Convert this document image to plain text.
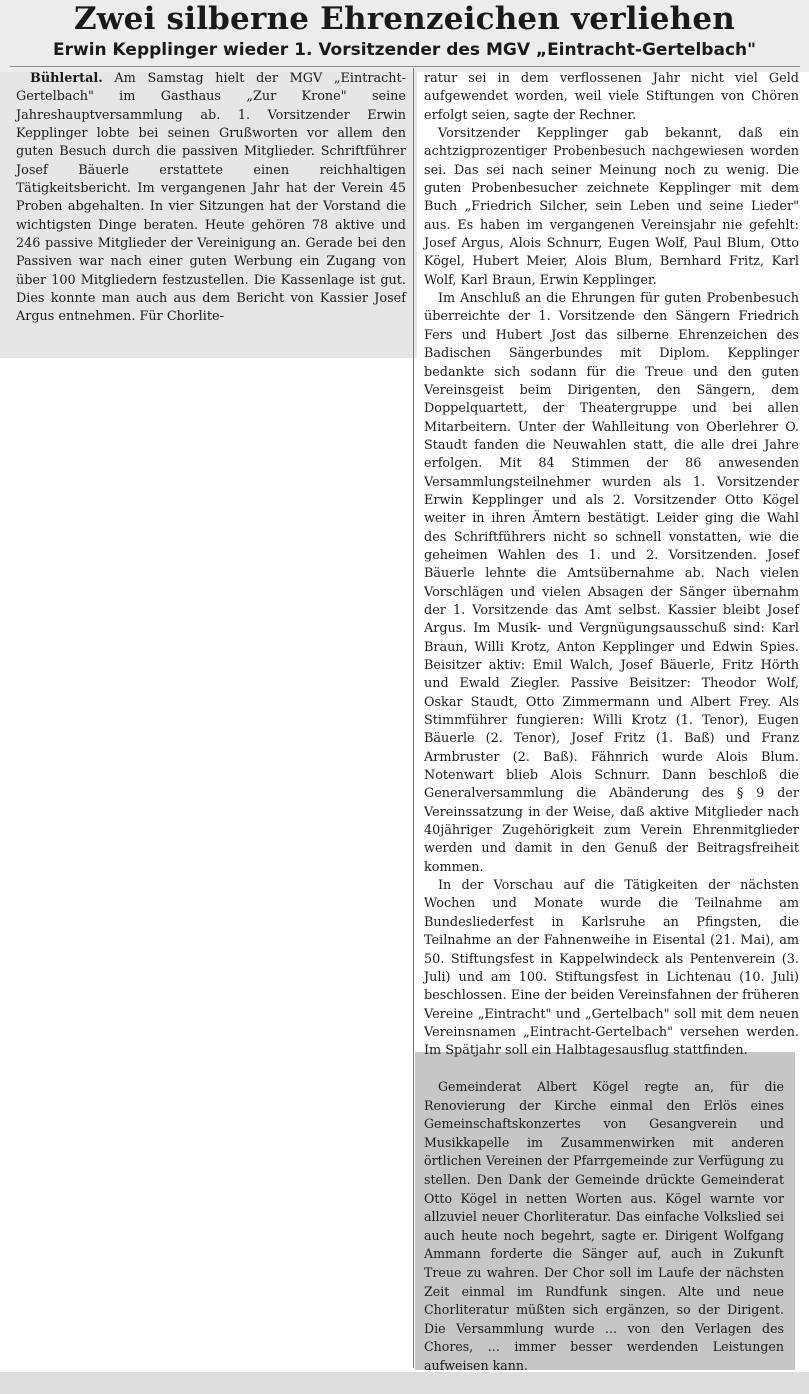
Zwei silberne Ehrenzeichen verliehen
Erwin Kepplinger wieder 1. Vorsitzender des MGV „Eintracht-Gertelbach"

Bühlertal. Am Samstag hielt der MGV „Eintracht-Gertelbach" im Gasthaus „Zur Krone" seine Jahreshauptversammlung ab. 1. Vorsitzender Erwin Kepplinger lobte bei seinen Grußworten vor allem den guten Besuch durch die passiven Mitglieder. Schriftführer Josef Bäuerle erstattete einen reichhaltigen Tätigkeitsbericht. Im vergangenen Jahr hat der Verein 45 Proben abgehalten. In vier Sitzungen hat der Vorstand die wichtigsten Dinge beraten. Heute gehören 78 aktive und 246 passive Mitglieder der Vereinigung an. Gerade bei den Passiven war nach einer guten Werbung ein Zugang von über 100 Mitgliedern festzustellen. Die Kassenlage ist gut. Dies konnte man auch aus dem Bericht von Kassier Josef Argus entnehmen. Für Chorlite-

ratur sei in dem verflossenen Jahr nicht viel Geld aufgewendet worden, weil viele Stiftungen von Chören erfolgt seien, sagte der Rechner.

Vorsitzender Kepplinger gab bekannt, daß ein achtzigprozentiger Probenbesuch nachgewiesen worden sei. Das sei nach seiner Meinung noch zu wenig. Die guten Probenbesucher zeichnete Kepplinger mit dem Buch „Friedrich Silcher, sein Leben und seine Lieder" aus. Es haben im vergangenen Vereinsjahr nie gefehlt: Josef Argus, Alois Schnurr, Eugen Wolf, Paul Blum, Otto Kögel, Hubert Meier, Alois Blum, Bernhard Fritz, Karl Wolf, Karl Braun, Erwin Kepplinger.

Im Anschluß an die Ehrungen für guten Probenbesuch überreichte der 1. Vorsitzende den Sängern Friedrich Fers und Hubert Jost das silberne Ehrenzeichen des Badischen Sängerbundes mit Diplom. Kepplinger bedankte sich sodann für die Treue und den guten Vereinsgeist beim Dirigenten, den Sängern, dem Doppelquartett, der Theatergruppe und bei allen Mitarbeitern. Unter der Wahlleitung von Oberlehrer O. Staudt fanden die Neuwahlen statt, die alle drei Jahre erfolgen. Mit 84 Stimmen der 86 anwesenden Versammlungsteilnehmer wurden als 1. Vorsitzender Erwin Kepplinger und als 2. Vorsitzender Otto Kögel weiter in ihren Ämtern bestätigt. Leider ging die Wahl des Schriftführers nicht so schnell vonstatten, wie die geheimen Wahlen des 1. und 2. Vorsitzenden. Josef Bäuerle lehnte die Amtsübernahme ab. Nach vielen Vorschlägen und vielen Absagen der Sänger übernahm der 1. Vorsitzende das Amt selbst. Kassier bleibt Josef Argus. Im Musik- und Vergnügungsausschuß sind: Karl Braun, Willi Krotz, Anton Kepplinger und Edwin Spies. Beisitzer aktiv: Emil Walch, Josef Bäuerle, Fritz Hörth und Ewald Ziegler. Passive Beisitzer: Theodor Wolf, Oskar Staudt, Otto Zimmermann und Albert Frey. Als Stimmführer fungieren: Willi Krotz (1. Tenor), Eugen Bäuerle (2. Tenor), Josef Fritz (1. Baß) und Franz Armbruster (2. Baß). Fähnrich wurde Alois Blum. Notenwart blieb Alois Schnurr. Dann beschloß die Generalversammlung die Abänderung des § 9 der Vereinssatzung in der Weise, daß aktive Mitglieder nach 40jähriger Zugehörigkeit zum Verein Ehrenmitglieder werden und damit in den Genuß der Beitragsfreiheit kommen.

In der Vorschau auf die Tätigkeiten der nächsten Wochen und Monate wurde die Teilnahme am Bundesliederfest in Karlsruhe an Pfingsten, die Teilnahme an der Fahnenweihe in Eisental (21. Mai), am 50. Stiftungsfest in Kappelwindeck als Pentenverein (3. Juli) und am 100. Stiftungsfest in Lichtenau (10. Juli) beschlossen. Eine der beiden Vereinsfahnen der früheren Vereine „Eintracht" und „Gertelbach" soll mit dem neuen Vereinsnamen „Eintracht-Gertelbach" versehen werden. Im Spätjahr soll ein Halbtagesausflug stattfinden.

Gemeinderat Albert Kögel regte an, für die Renovierung der Kirche einmal den Erlös eines Gemeinschaftskonzertes von Gesangverein und Musikkapelle im Zusammenwirken mit anderen örtlichen Vereinen der Pfarrgemeinde zur Verfügung zu stellen. Den Dank der Gemeinde drückte Gemeinderat Otto Kögel in netten Worten aus. Kögel warnte vor allzuviel neuer Chorliteratur. Das einfache Volkslied sei auch heute noch begehrt, sagte er. Dirigent Wolfgang Ammann forderte die Sänger auf, auch in Zukunft Treue zu wahren. Der Chor soll im Laufe der nächsten Zeit einmal im Rundfunk singen. Alte und neue Chorliteratur müßten sich ergänzen, so der Dirigent. Die Versammlung wurde ... von den Verlagen des Chores, ... immer besser werdenden Leistungen aufweisen kann.
